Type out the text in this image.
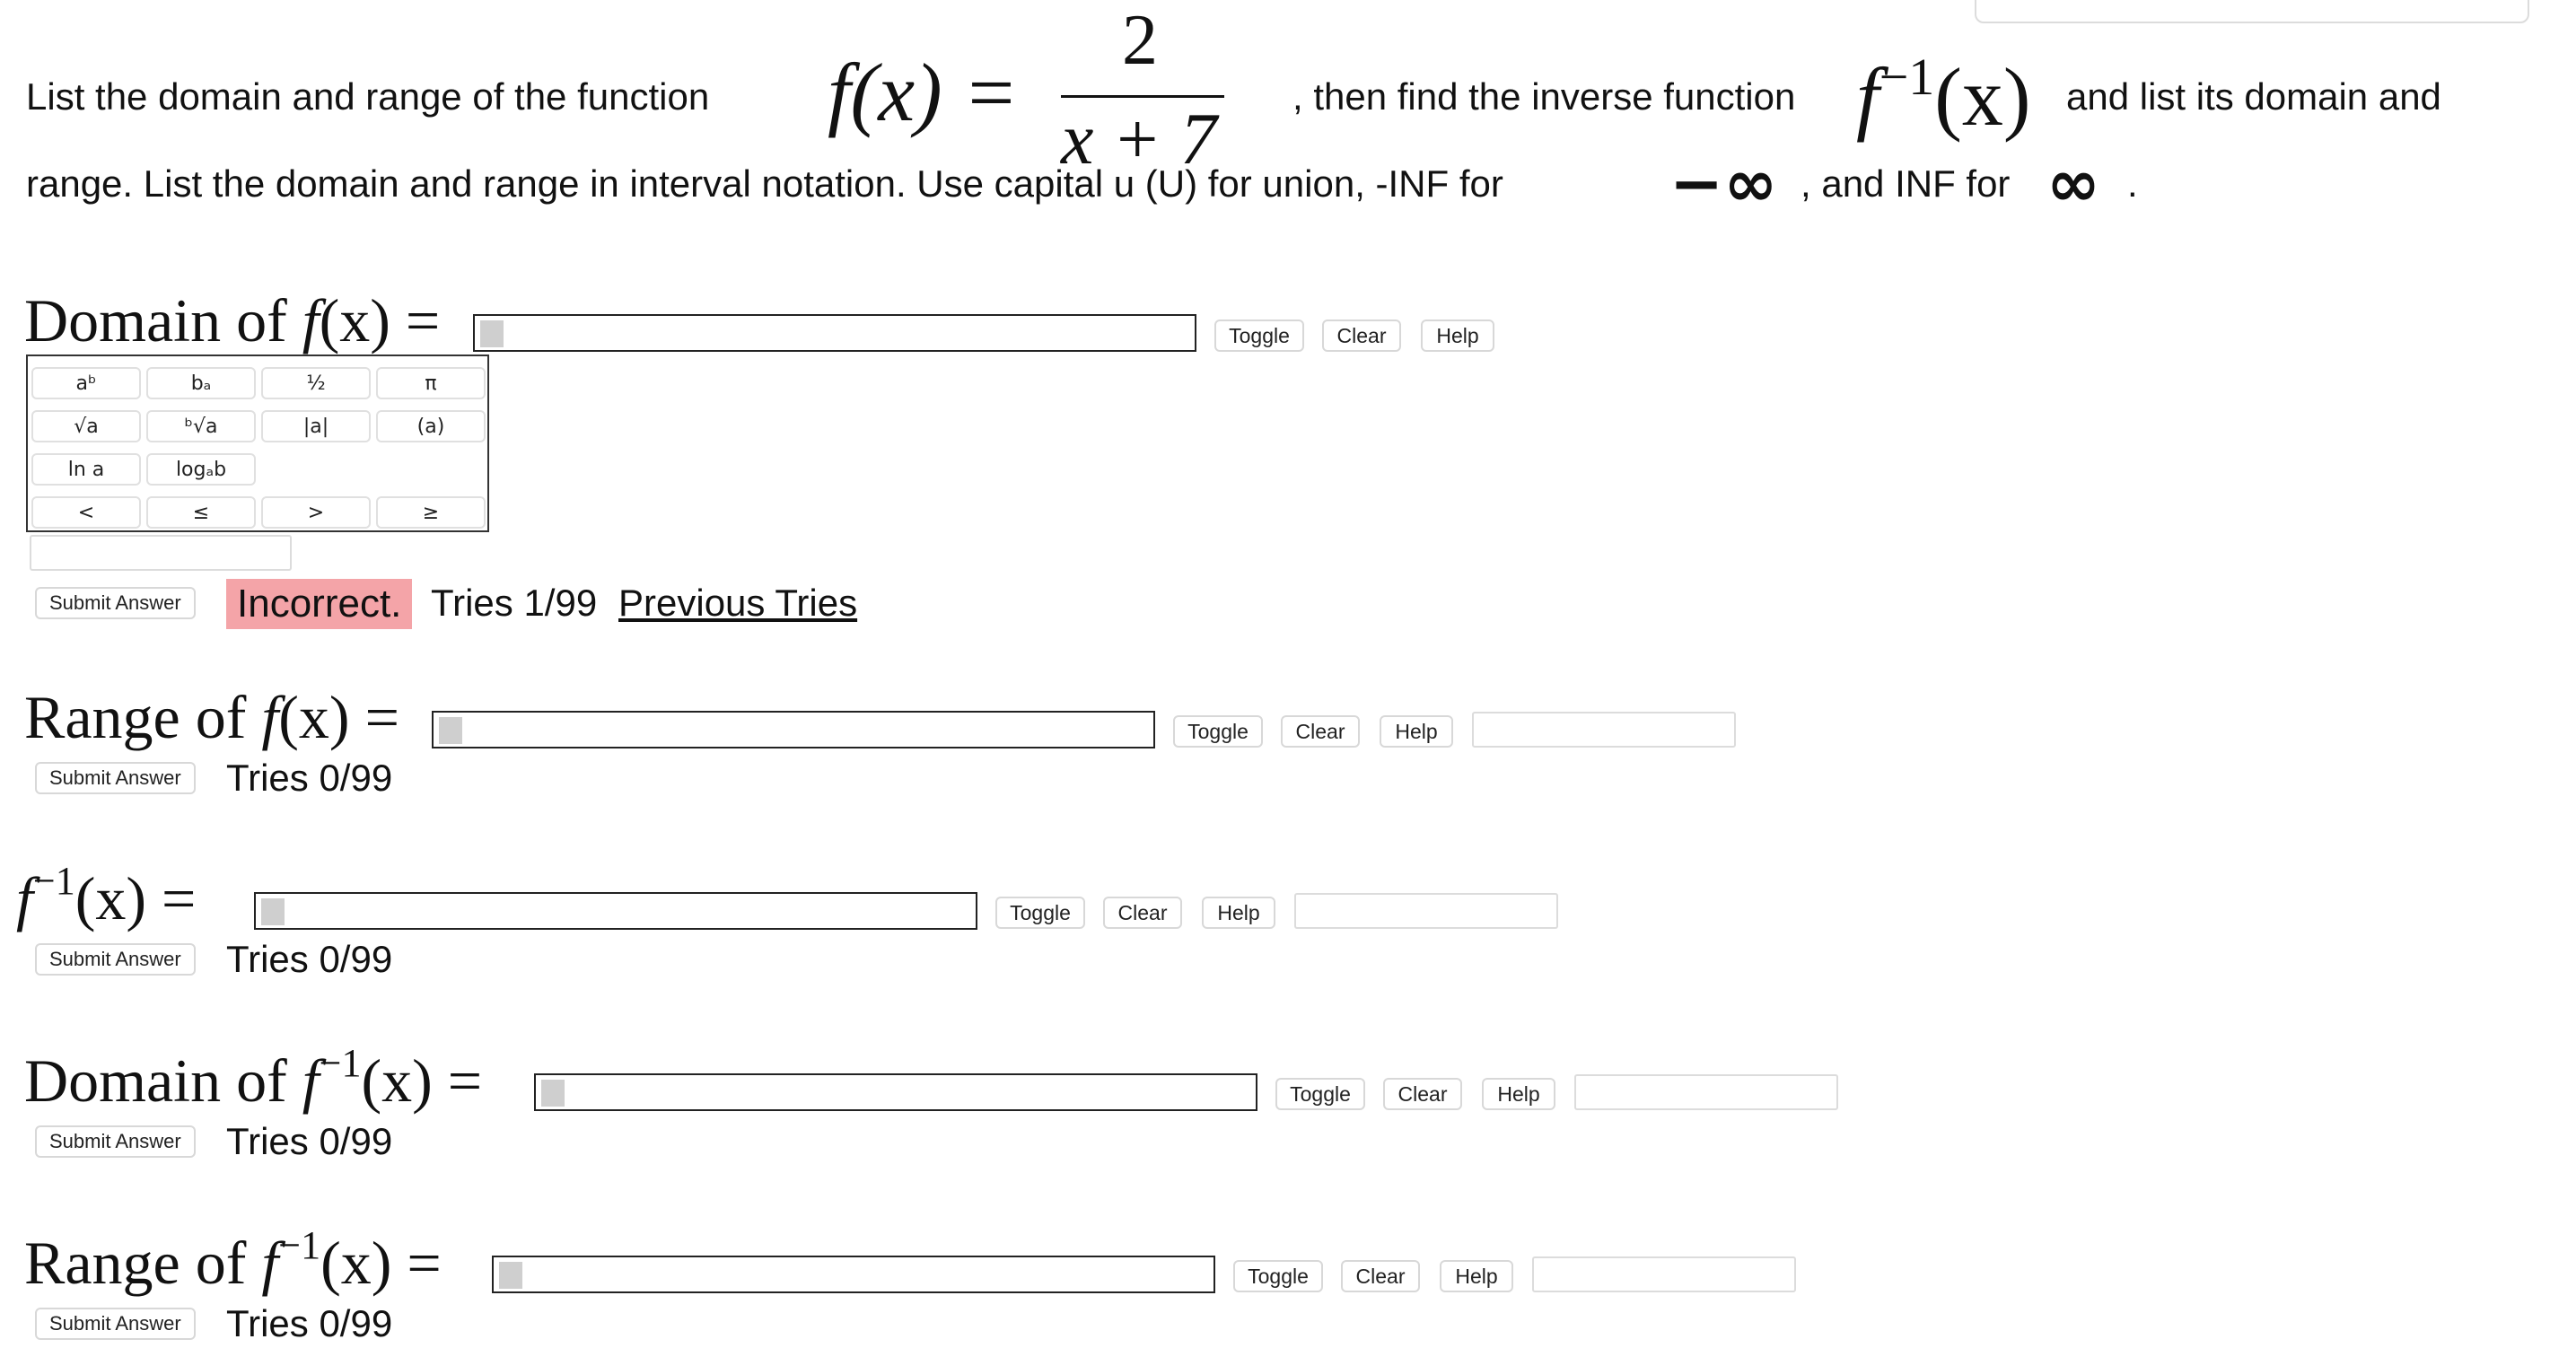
List the domain and range of the function f(x) =
2
x + 7
, then find the inverse function $f^{-1}(x)$ and list its domain and
range. List the domain and range in interval notation. Use capital u (U) for union, -INF for	−∞ , and INF for ∞ .
Domain of f(x) =	Toggle	Clear	Help
aᵇ	bₐ	½	π
√a	ᵇ√a	|a|	(a)
ln a	logₐb
<	≤	>	≥
Submit Answer	Incorrect. Tries 1/99 Previous Tries
Range of f(x) =	Toggle	Clear	Help
Submit Answer	Tries 0/99
$f^{-1}(x)$ =	Toggle	Clear	Help
Submit Answer	Tries 0/99
Domain of $f^{-1}(x)$ =	Toggle	Clear	Help
Submit Answer	Tries 0/99
Range of $f^{-1}(x)$ =	Toggle	Clear	Help
Submit Answer	Tries 0/99
